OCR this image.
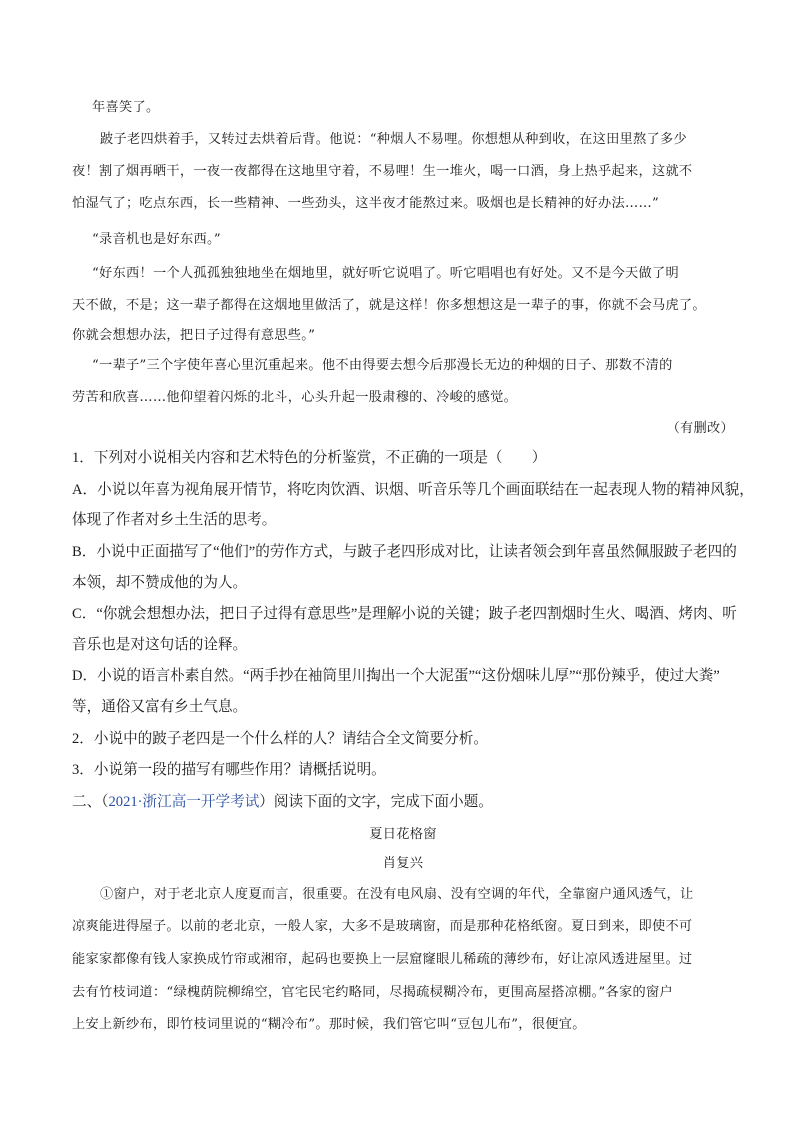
年喜笑了。
跛子老四烘着手，又转过去烘着后背。他说：“种烟人不易哩。你想想从种到收，在这田里熬了多少
夜！割了烟再晒干，一夜一夜都得在这地里守着，不易哩！生一堆火，喝一口酒，身上热乎起来，这就不
怕湿气了；吃点东西，长一些精神、一些劲头，这半夜才能熬过来。吸烟也是长精神的好办法……”
“录音机也是好东西。”
“好东西！一个人孤孤独独地坐在烟地里，就好听它说唱了。听它唱唱也有好处。又不是今天做了明
天不做，不是；这一辈子都得在这烟地里做活了，就是这样！你多想想这是一辈子的事，你就不会马虎了。
你就会想想办法，把日子过得有意思些。”
“一辈子”三个字使年喜心里沉重起来。他不由得要去想今后那漫长无边的种烟的日子、那数不清的
劳苦和欣喜……他仰望着闪烁的北斗，心头升起一股肃穆的、冷峻的感觉。
（有删改）
1．下列对小说相关内容和艺术特色的分析鉴赏，不正确的一项是（　　）
A．小说以年喜为视角展开情节，将吃肉饮酒、识烟、听音乐等几个画面联结在一起表现人物的精神风貌，
体现了作者对乡土生活的思考。
B．小说中正面描写了“他们”的劳作方式，与跛子老四形成对比，让读者领会到年喜虽然佩服跛子老四的
本领，却不赞成他的为人。
C．“你就会想想办法，把日子过得有意思些”是理解小说的关键；跛子老四割烟时生火、喝酒、烤肉、听
音乐也是对这句话的诠释。
D．小说的语言朴素自然。“两手抄在袖筒里川掏出一个大泥蛋”“这份烟味儿厚”“那份辣乎，使过大粪”
等，通俗又富有乡土气息。
2．小说中的跛子老四是一个什么样的人？请结合全文简要分析。
3．小说第一段的描写有哪些作用？请概括说明。
二、（2021·浙江高一开学考试）阅读下面的文字，完成下面小题。
夏日花格窗
肖复兴
①窗户，对于老北京人度夏而言，很重要。在没有电风扇、没有空调的年代，全靠窗户通风透气，让
凉爽能进得屋子。以前的老北京，一般人家，大多不是玻璃窗，而是那种花格纸窗。夏日到来，即使不可
能家家都像有钱人家换成竹帘或湘帘，起码也要换上一层窟窿眼儿稀疏的薄纱布，好让凉风透进屋里。过
去有竹枝词道：“绿槐荫院柳绵空，官宅民宅约略同，尽揭疏棂糊冷布，更围高屋搭凉棚。”各家的窗户
上安上新纱布，即竹枝词里说的“糊冷布”。那时候，我们管它叫“豆包儿布”，很便宜。
